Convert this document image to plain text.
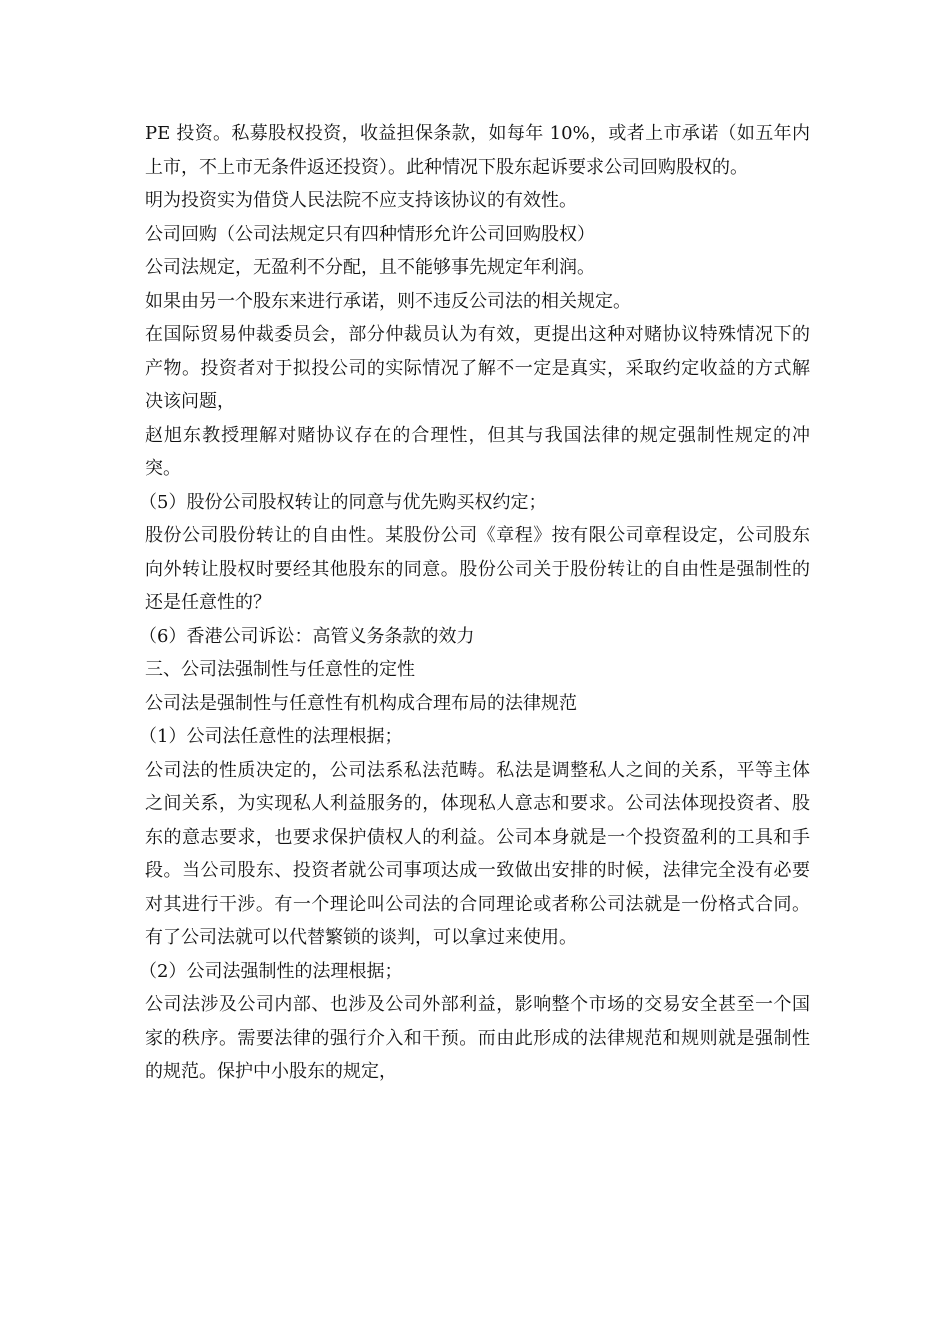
PE 投资。私募股权投资，收益担保条款，如每年 10%，或者上市承诺（如五年内上市，不上市无条件返还投资）。此种情况下股东起诉要求公司回购股权的。

明为投资实为借贷人民法院不应支持该协议的有效性。

公司回购（公司法规定只有四种情形允许公司回购股权）

公司法规定，无盈利不分配，且不能够事先规定年利润。

如果由另一个股东来进行承诺，则不违反公司法的相关规定。

在国际贸易仲裁委员会，部分仲裁员认为有效，更提出这种对赌协议特殊情况下的产物。投资者对于拟投公司的实际情况了解不一定是真实，采取约定收益的方式解决该问题，

赵旭东教授理解对赌协议存在的合理性，但其与我国法律的规定强制性规定的冲突。

（5）股份公司股权转让的同意与优先购买权约定；

股份公司股份转让的自由性。某股份公司《章程》按有限公司章程设定，公司股东向外转让股权时要经其他股东的同意。股份公司关于股份转让的自由性是强制性的还是任意性的？

（6）香港公司诉讼：高管义务条款的效力

三、公司法强制性与任意性的定性

公司法是强制性与任意性有机构成合理布局的法律规范

（1）公司法任意性的法理根据；

公司法的性质决定的，公司法系私法范畴。私法是调整私人之间的关系，平等主体之间关系，为实现私人利益服务的，体现私人意志和要求。公司法体现投资者、股东的意志要求，也要求保护债权人的利益。公司本身就是一个投资盈利的工具和手段。当公司股东、投资者就公司事项达成一致做出安排的时候，法律完全没有必要对其进行干涉。有一个理论叫公司法的合同理论或者称公司法就是一份格式合同。有了公司法就可以代替繁锁的谈判，可以拿过来使用。

（2）公司法强制性的法理根据；

公司法涉及公司内部、也涉及公司外部利益，影响整个市场的交易安全甚至一个国家的秩序。需要法律的强行介入和干预。而由此形成的法律规范和规则就是强制性的规范。保护中小股东的规定，
